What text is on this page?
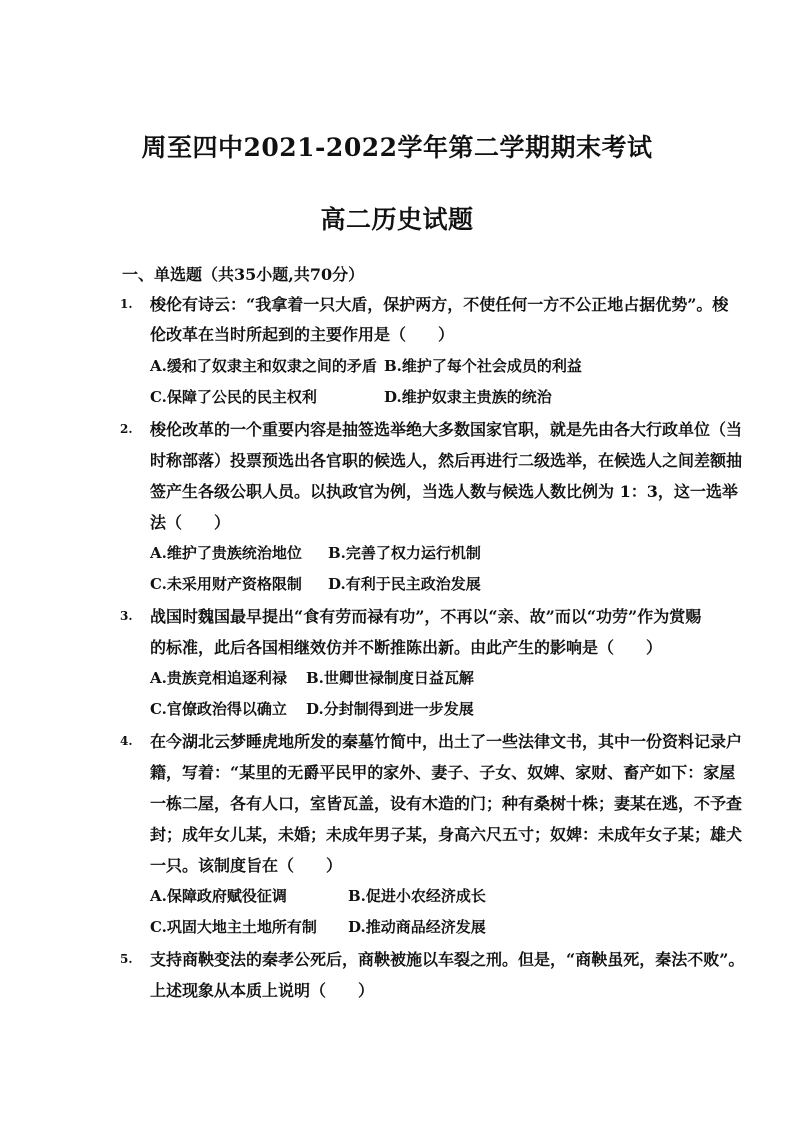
周至四中2021-2022学年第二学期期末考试
高二历史试题
一、单选题（共35小题,共70分）
1. 梭伦有诗云：“我拿着一只大盾，保护两方，不使任何一方不公正地占据优势”。梭
伦改革在当时所起到的主要作用是（　　）
A.缓和了奴隶主和奴隶之间的矛盾 B.维护了每个社会成员的利益
C.保障了公民的民主权利	D.维护奴隶主贵族的统治
2. 梭伦改革的一个重要内容是抽签选举绝大多数国家官职，就是先由各大行政单位（当
时称部落）投票预选出各官职的候选人，然后再进行二级选举，在候选人之间差额抽
签产生各级公职人员。以执政官为例，当选人数与候选人数比例为 1：3，这一选举
法（　　）
A.维护了贵族统治地位 B.完善了权力运行机制
C.未采用财产资格限制 D.有利于民主政治发展
3. 战国时魏国最早提出“食有劳而禄有功”，不再以“亲、故”而以“功劳”作为赏赐
的标准，此后各国相继效仿并不断推陈出新。由此产生的影响是（　　）
A.贵族竞相追逐利禄 B.世卿世禄制度日益瓦解
C.官僚政治得以确立 D.分封制得到进一步发展
4. 在今湖北云梦睡虎地所发的秦墓竹简中，出土了一些法律文书，其中一份资料记录户
籍，写着：“某里的无爵平民甲的家外、妻子、子女、奴婢、家财、畜产如下：家屋
一栋二屋，各有人口，室皆瓦盖，设有木造的门；种有桑树十株；妻某在逃，不予查
封；成年女儿某，未婚；未成年男子某，身高六尺五寸；奴婢：未成年女子某；雄犬
一只。该制度旨在（　　）
A.保障政府赋役征调	B.促进小农经济成长
C.巩固大地主土地所有制 D.推动商品经济发展
5. 支持商鞅变法的秦孝公死后，商鞅被施以车裂之刑。但是，“商鞅虽死，秦法不败”。
上述现象从本质上说明（　　）
